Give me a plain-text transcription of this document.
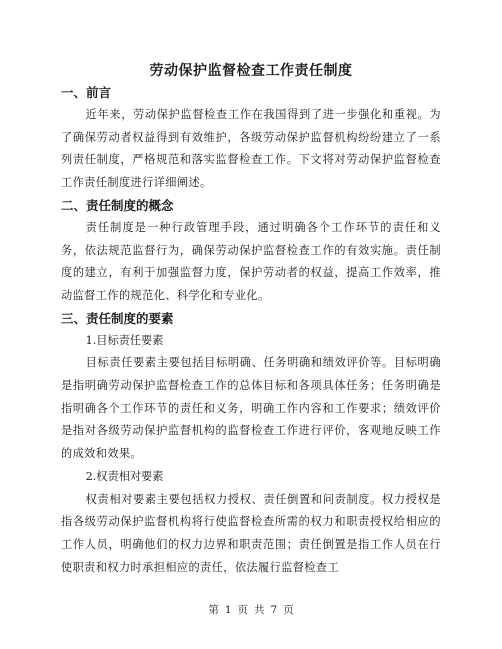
劳动保护监督检查工作责任制度
一、前言

近年来，劳动保护监督检查工作在我国得到了进一步强化和重视。为了确保劳动者权益得到有效维护，各级劳动保护监督机构纷纷建立了一系列责任制度，严格规范和落实监督检查工作。下文将对劳动保护监督检查工作责任制度进行详细阐述。

二、责任制度的概念

责任制度是一种行政管理手段，通过明确各个工作环节的责任和义务，依法规范监督行为，确保劳动保护监督检查工作的有效实施。责任制度的建立，有利于加强监督力度，保护劳动者的权益，提高工作效率，推动监督工作的规范化、科学化和专业化。

三、责任制度的要素

1.目标责任要素

目标责任要素主要包括目标明确、任务明确和绩效评价等。目标明确是指明确劳动保护监督检查工作的总体目标和各项具体任务；任务明确是指明确各个工作环节的责任和义务，明确工作内容和工作要求；绩效评价是指对各级劳动保护监督机构的监督检查工作进行评价，客观地反映工作的成效和效果。

2.权责相对要素

权责相对要素主要包括权力授权、责任倒置和问责制度。权力授权是指各级劳动保护监督机构将行使监督检查所需的权力和职责授权给相应的工作人员，明确他们的权力边界和职责范围；责任倒置是指工作人员在行使职责和权力时承担相应的责任，依法履行监督检查工

第 1 页 共 7 页
